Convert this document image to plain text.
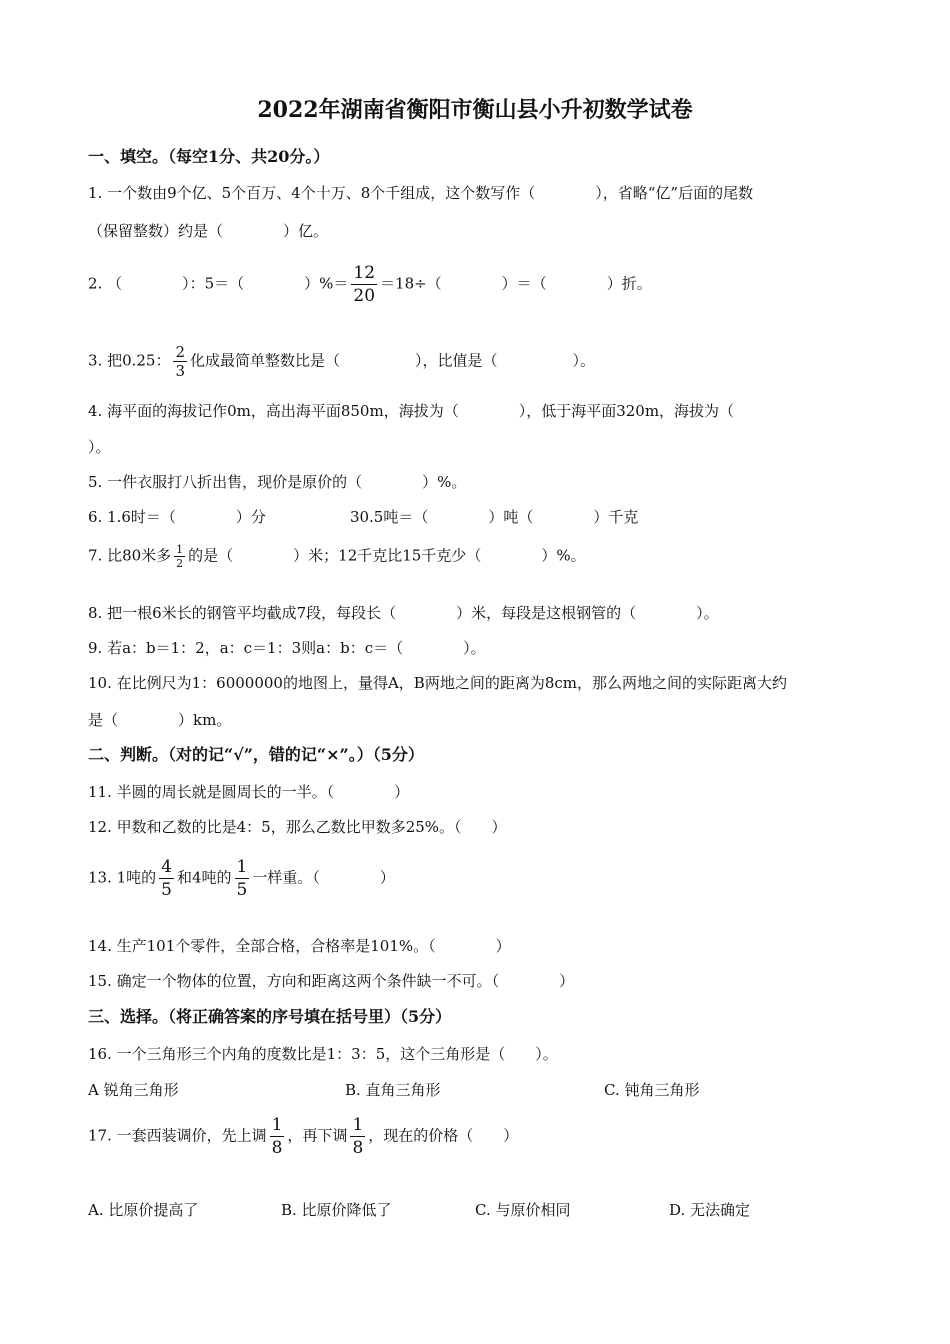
2022年湖南省衡阳市衡山县小升初数学试卷
一、填空。（每空1分、共20分。）
1. 一个数由9个亿、5个百万、4个十万、8个千组成，这个数写作（　　　　），省略“亿”后面的尾数
（保留整数）约是（　　　　）亿。
2. （　　　　）：5＝（　　　　）%＝ $\frac{12}{20} =18\div$（　　　　）＝（　　　　）折。
3. 把0.25： $\frac{2}{3}$ 化成最简单整数比是（　　　　　），比值是（　　　　　）。
4. 海平面的海拔记作0m，高出海平面850m，海拔为（　　　　），低于海平面320m，海拔为（
）。
5. 一件衣服打八折出售，现价是原价的（　　　　）%。
6. 1.6时＝（　　　　）分	30.5吨＝（　　　　）吨（　　　　）千克
7. 比80米多 $\frac{1}{2}$ 的是（　　　　）米；12千克比15千克少（　　　　）%。
8. 把一根6米长的钢管平均截成7段，每段长（　　　　）米，每段是这根钢管的（　　　　）。
9. 若a：b＝1：2，a：c＝1：3则a：b：c＝（　　　　）。
10. 在比例尺为1：6000000的地图上，量得A，B两地之间的距离为8cm，那么两地之间的实际距离大约
是（　　　　）km。
二、判断。（对的记“√”，错的记“×”。）（5分）
11. 半圆的周长就是圆周长的一半。（　　　　）
12. 甲数和乙数的比是4：5，那么乙数比甲数多25%。（　　）
13. 1吨的 $\frac{4}{5}$ 和4吨的 $\frac{1}{5}$ 一样重。（　　　　）
14. 生产101个零件，全部合格，合格率是101%。（　　　　）
15. 确定一个物体的位置，方向和距离这两个条件缺一不可。（　　　　）
三、选择。（将正确答案的序号填在括号里）（5分）
16. 一个三角形三个内角的度数比是1：3：5，这个三角形是（　　）。
A 锐角三角形	B. 直角三角形	C. 钝角三角形
17. 一套西装调价，先上调 $\frac{1}{8}$ ，再下调 $\frac{1}{8}$ ，现在的价格（　　）
A. 比原价提高了	B. 比原价降低了	C. 与原价相同	D. 无法确定
